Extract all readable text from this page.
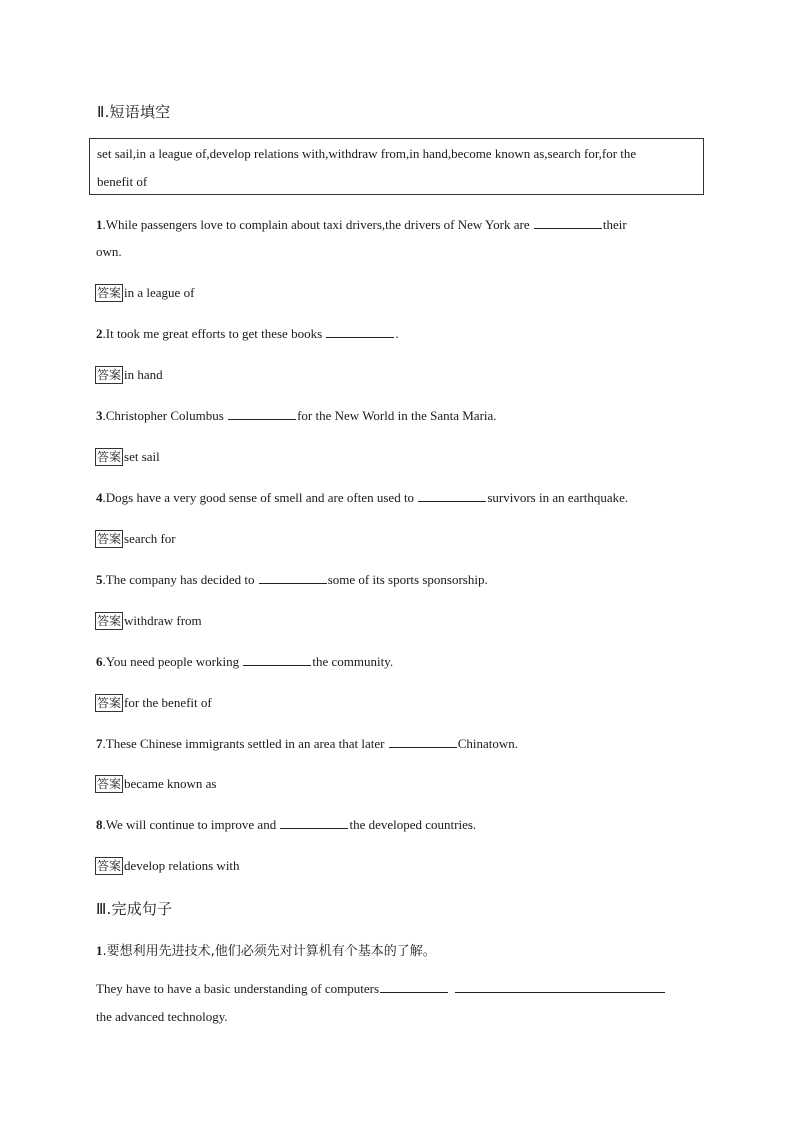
Ⅱ.短语填空
set sail,in a league of,develop relations with,withdraw from,in hand,become known as,search for,for the
benefit of
1.While passengers love to complain about taxi drivers,the drivers of New York are	their
own.
答案 in a league of
2.It took me great efforts to get these books	.
答案 in hand
3.Christopher Columbus	for the New World in the Santa Maria.
答案 set sail
4.Dogs have a very good sense of smell and are often used to	survivors in an earthquake.
答案 search for
5.The company has decided to	some of its sports sponsorship.
答案 withdraw from
6.You need people working	the community.
答案 for the benefit of
7.These Chinese immigrants settled in an area that later	Chinatown.
答案 became known as
8.We will continue to improve and	the developed countries.
答案 develop relations with
Ⅲ.完成句子
1.要想利用先进技术,他们必须先对计算机有个基本的了解。
They have to have a basic understanding of computers
the advanced technology.
